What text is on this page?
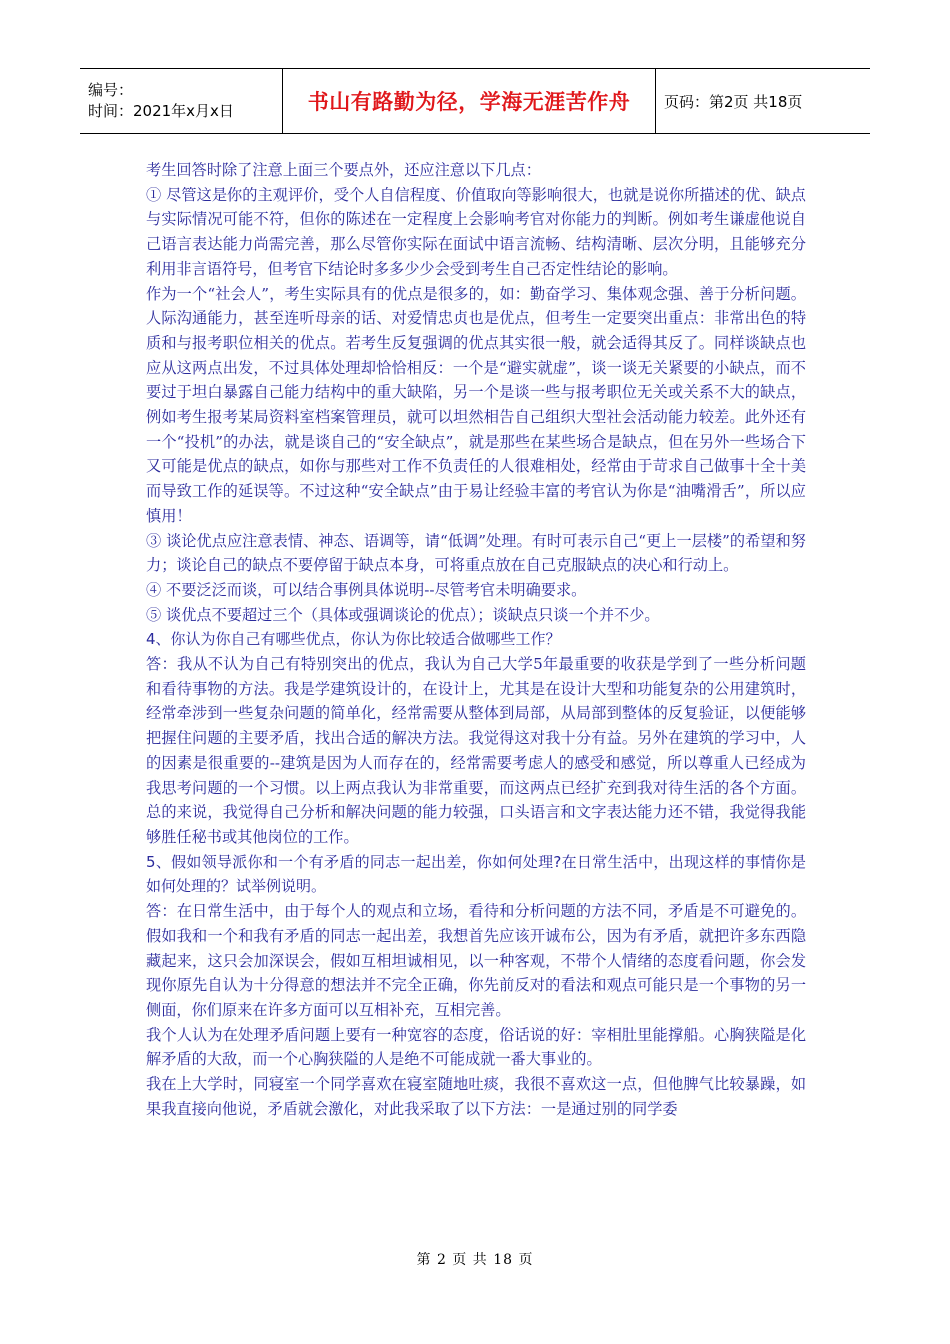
编号：
时间：2021年x月x日	书山有路勤为径，学海无涯苦作舟 页码：第2页 共18页

考生回答时除了注意上面三个要点外，还应注意以下几点：

① 尽管这是你的主观评价，受个人自信程度、价值取向等影响很大，也就是说你所描述的优、缺点与实际情况可能不符，但你的陈述在一定程度上会影响考官对你能力的判断。例如考生谦虚他说自己语言表达能力尚需完善，那么尽管你实际在面试中语言流畅、结构清晰、层次分明，且能够充分利用非言语符号，但考官下结论时多多少少会受到考生自己否定性结论的影响。

作为一个“社会人”，考生实际具有的优点是很多的，如：勤奋学习、集体观念强、善于分析问题。人际沟通能力，甚至连听母亲的话、对爱情忠贞也是优点，但考生一定要突出重点：非常出色的特质和与报考职位相关的优点。若考生反复强调的优点其实很一般，就会适得其反了。同样谈缺点也应从这两点出发，不过具体处理却恰恰相反：一个是“避实就虚”，谈一谈无关紧要的小缺点，而不要过于坦白暴露自己能力结构中的重大缺陷，另一个是谈一些与报考职位无关或关系不大的缺点，例如考生报考某局资料室档案管理员，就可以坦然相告自己组织大型社会活动能力较差。此外还有一个“投机”的办法，就是谈自己的“安全缺点”，就是那些在某些场合是缺点，但在另外一些场合下又可能是优点的缺点，如你与那些对工作不负责任的人很难相处，经常由于苛求自己做事十全十美而导致工作的延误等。不过这种“安全缺点”由于易让经验丰富的考官认为你是“油嘴滑舌”，所以应慎用！

③ 谈论优点应注意表情、神态、语调等，请“低调”处理。有时可表示自己“更上一层楼”的希望和努力；谈论自己的缺点不要停留于缺点本身，可将重点放在自己克服缺点的决心和行动上。

④ 不要泛泛而谈，可以结合事例具体说明--尽管考官未明确要求。

⑤ 谈优点不要超过三个（具体或强调谈论的优点）；谈缺点只谈一个并不少。

4、你认为你自己有哪些优点，你认为你比较适合做哪些工作？

答：我从不认为自己有特别突出的优点，我认为自己大学5年最重要的收获是学到了一些分析问题和看待事物的方法。我是学建筑设计的，在设计上，尤其是在设计大型和功能复杂的公用建筑时，经常牵涉到一些复杂问题的简单化，经常需要从整体到局部，从局部到整体的反复验证，以便能够把握住问题的主要矛盾，找出合适的解决方法。我觉得这对我十分有益。另外在建筑的学习中，人的因素是很重要的--建筑是因为人而存在的，经常需要考虑人的感受和感觉，所以尊重人已经成为我思考问题的一个习惯。以上两点我认为非常重要，而这两点已经扩充到我对待生活的各个方面。总的来说，我觉得自己分析和解决问题的能力较强，口头语言和文字表达能力还不错，我觉得我能够胜任秘书或其他岗位的工作。

5、假如领导派你和一个有矛盾的同志一起出差，你如何处理?在日常生活中，出现这样的事情你是如何处理的？试举例说明。

答：在日常生活中，由于每个人的观点和立场，看待和分析问题的方法不同，矛盾是不可避免的。假如我和一个和我有矛盾的同志一起出差，我想首先应该开诚布公，因为有矛盾，就把许多东西隐藏起来，这只会加深误会，假如互相坦诚相见，以一种客观，不带个人情绪的态度看问题，你会发现你原先自认为十分得意的想法并不完全正确，你先前反对的看法和观点可能只是一个事物的另一侧面，你们原来在许多方面可以互相补充，互相完善。

我个人认为在处理矛盾问题上要有一种宽容的态度，俗话说的好：宰相肚里能撑船。心胸狭隘是化解矛盾的大敌，而一个心胸狭隘的人是绝不可能成就一番大事业的。

我在上大学时，同寝室一个同学喜欢在寝室随地吐痰，我很不喜欢这一点，但他脾气比较暴躁，如果我直接向他说，矛盾就会激化，对此我采取了以下方法：一是通过别的同学委

第 2 页 共 18 页
